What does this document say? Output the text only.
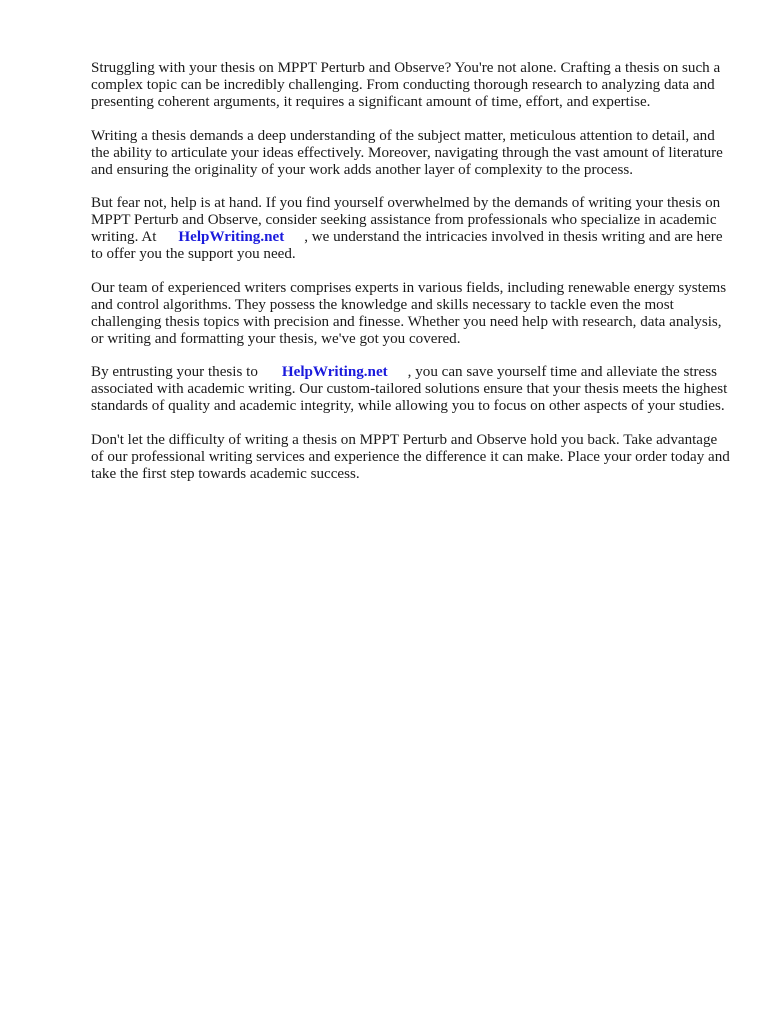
Struggling with your thesis on MPPT Perturb and Observe? You're not alone. Crafting a thesis on such a complex topic can be incredibly challenging. From conducting thorough research to analyzing data and presenting coherent arguments, it requires a significant amount of time, effort, and expertise.

Writing a thesis demands a deep understanding of the subject matter, meticulous attention to detail, and the ability to articulate your ideas effectively. Moreover, navigating through the vast amount of literature and ensuring the originality of your work adds another layer of complexity to the process.

But fear not, help is at hand. If you find yourself overwhelmed by the demands of writing your thesis on MPPT Perturb and Observe, consider seeking assistance from professionals who specialize in academic writing. At HelpWriting.net , we understand the intricacies involved in thesis writing and are here to offer you the support you need.

Our team of experienced writers comprises experts in various fields, including renewable energy systems and control algorithms. They possess the knowledge and skills necessary to tackle even the most challenging thesis topics with precision and finesse. Whether you need help with research, data analysis, or writing and formatting your thesis, we've got you covered.

By entrusting your thesis to HelpWriting.net , you can save yourself time and alleviate the stress associated with academic writing. Our custom-tailored solutions ensure that your thesis meets the highest standards of quality and academic integrity, while allowing you to focus on other aspects of your studies.

Don't let the difficulty of writing a thesis on MPPT Perturb and Observe hold you back. Take advantage of our professional writing services and experience the difference it can make. Place your order today and take the first step towards academic success.
